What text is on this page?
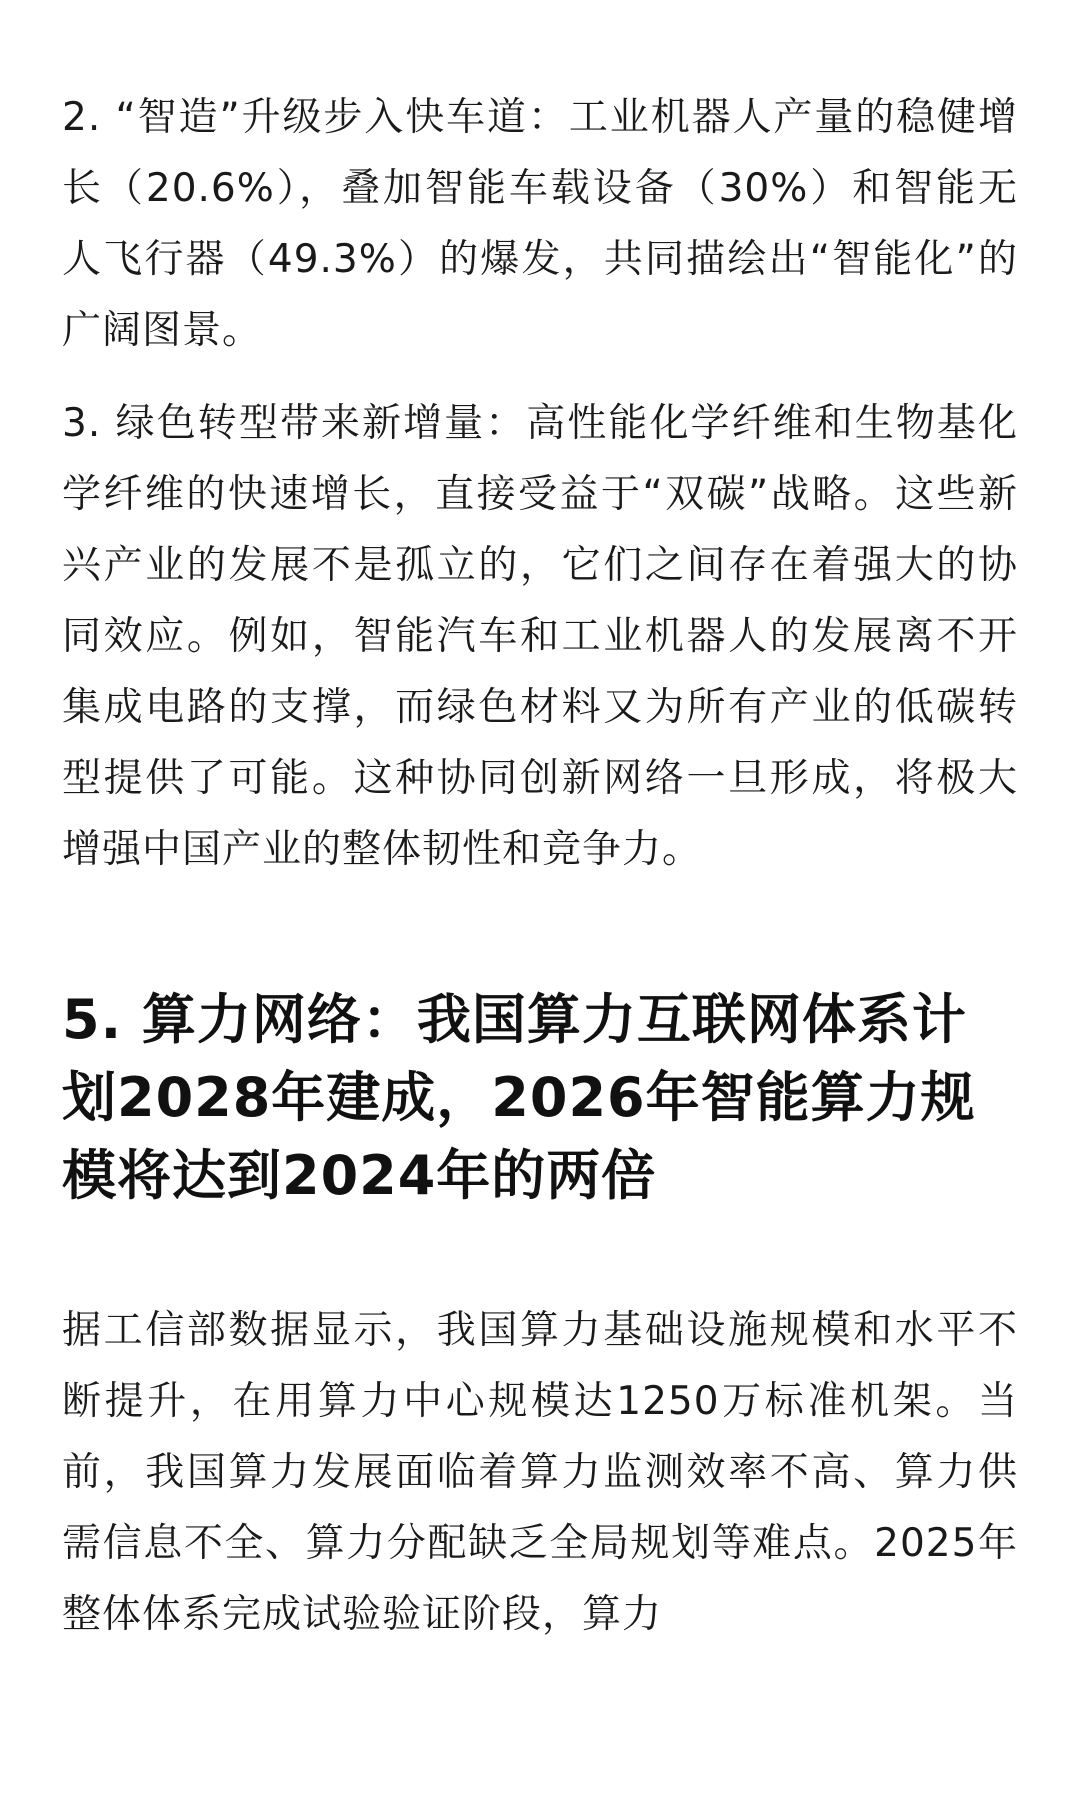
2. “智造”升级步入快车道：工业机器人产量的稳健增长（20.6%），叠加智能车载设备（30%）和智能无人飞行器（49.3%）的爆发，共同描绘出“智能化”的广阔图景。

3. 绿色转型带来新增量：高性能化学纤维和生物基化学纤维的快速增长，直接受益于“双碳”战略。这些新兴产业的发展不是孤立的，它们之间存在着强大的协同效应。例如，智能汽车和工业机器人的发展离不开集成电路的支撑，而绿色材料又为所有产业的低碳转型提供了可能。这种协同创新网络一旦形成，将极大增强中国产业的整体韧性和竞争力。

5. 算力网络：我国算力互联网体系计划2028年建成，2026年智能算力规模将达到2024年的两倍

据工信部数据显示，我国算力基础设施规模和水平不断提升，在用算力中心规模达1250万标准机架。当前，我国算力发展面临着算力监测效率不高、算力供需信息不全、算力分配缺乏全局规划等难点。2025年整体体系完成试验验证阶段，算力
